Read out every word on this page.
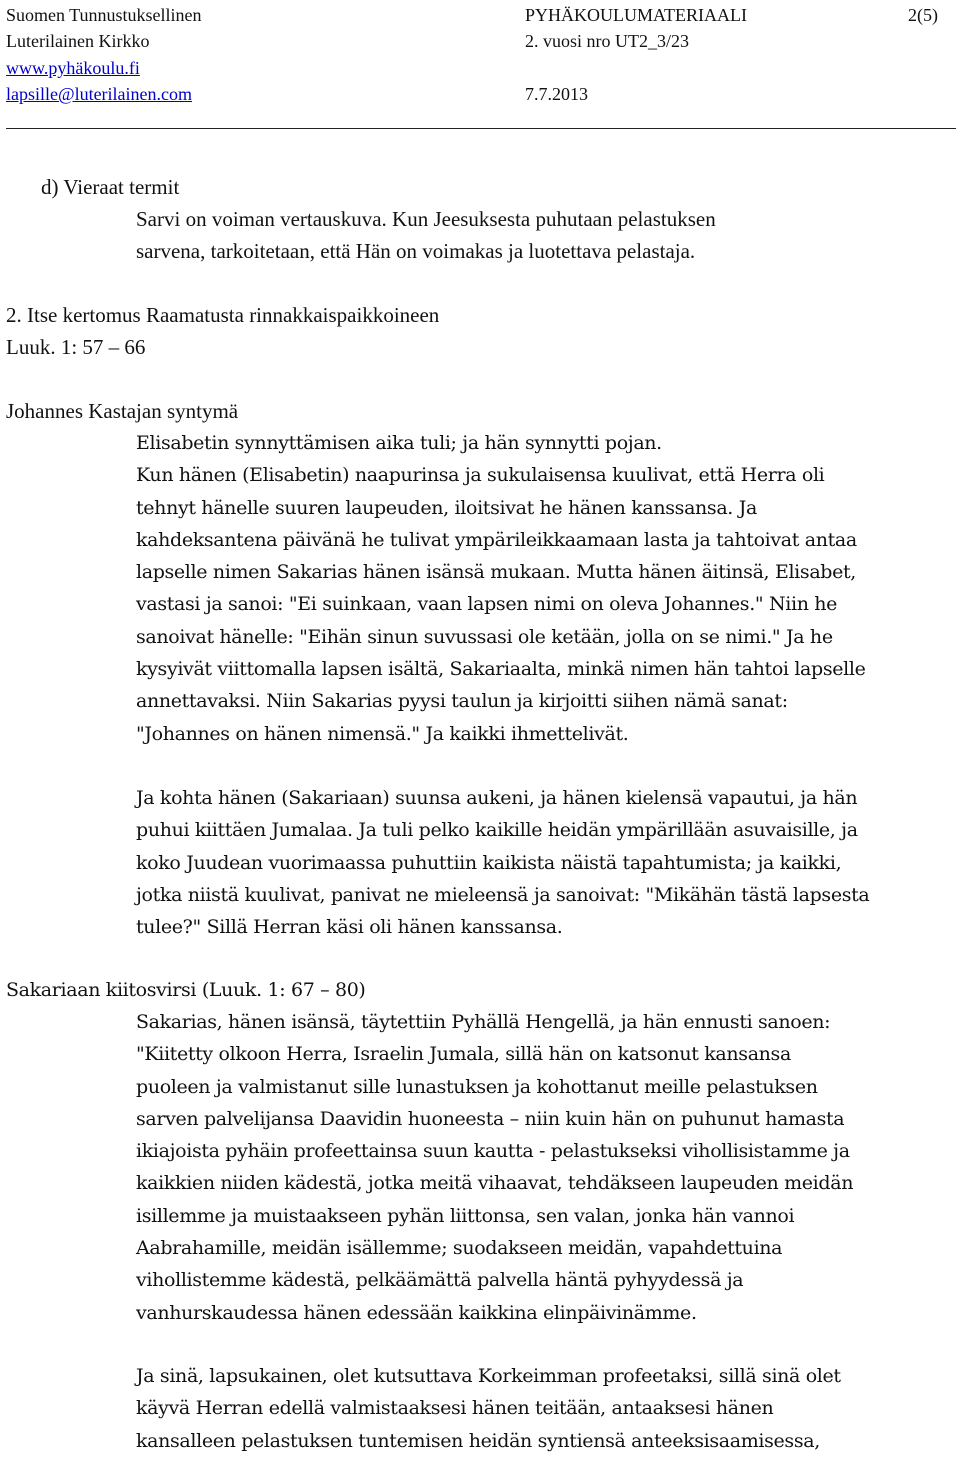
Suomen Tunnustuksellinen
Luterilainen Kirkko
www.pyhäkoulu.fi
lapsille@luterilainen.com
PYHÄKOULUMATERIAALI
2. vuosi nro UT2_3/23
7.7.2013
2(5)
d) Vieraat termit
Sarvi on voiman vertauskuva. Kun Jeesuksesta puhutaan pelastuksen
sarvena, tarkoitetaan, että Hän on voimakas ja luotettava pelastaja.
2. Itse kertomus Raamatusta rinnakkaispaikkoineen
Luuk. 1: 57 – 66
Johannes Kastajan syntymä
Elisabetin synnyttämisen aika tuli; ja hän synnytti pojan.
Kun hänen (Elisabetin) naapurinsa ja sukulaisensa kuulivat, että Herra oli
tehnyt hänelle suuren laupeuden, iloitsivat he hänen kanssansa. Ja
kahdeksantena päivänä he tulivat ympärileikkaamaan lasta ja tahtoivat antaa
lapselle nimen Sakarias hänen isänsä mukaan. Mutta hänen äitinsä, Elisabet,
vastasi ja sanoi: "Ei suinkaan, vaan lapsen nimi on oleva Johannes." Niin he
sanoivat hänelle: "Eihän sinun suvussasi ole ketään, jolla on se nimi." Ja he
kysyivät viittomalla lapsen isältä, Sakariaalta, minkä nimen hän tahtoi lapselle
annettavaksi. Niin Sakarias pyysi taulun ja kirjoitti siihen nämä sanat:
"Johannes on hänen nimensä." Ja kaikki ihmettelivät.
Ja kohta hänen (Sakariaan) suunsa aukeni, ja hänen kielensä vapautui, ja hän
puhui kiittäen Jumalaa. Ja tuli pelko kaikille heidän ympärillään asuvaisille, ja
koko Juudean vuorimaassa puhuttiin kaikista näistä tapahtumista; ja kaikki,
jotka niistä kuulivat, panivat ne mieleensä ja sanoivat: "Mikähän tästä lapsesta
tulee?" Sillä Herran käsi oli hänen kanssansa.
Sakariaan kiitosvirsi (Luuk. 1: 67 – 80)
Sakarias, hänen isänsä, täytettiin Pyhällä Hengellä, ja hän ennusti sanoen:
"Kiitetty olkoon Herra, Israelin Jumala, sillä hän on katsonut kansansa
puoleen ja valmistanut sille lunastuksen ja kohottanut meille pelastuksen
sarven palvelijansa Daavidin huoneesta – niin kuin hän on puhunut hamasta
ikiajoista pyhäin profeettainsa suun kautta - pelastukseksi vihollisistamme ja
kaikkien niiden kädestä, jotka meitä vihaavat, tehdäkseen laupeuden meidän
isillemme ja muistaakseen pyhän liittonsa, sen valan, jonka hän vannoi
Aabrahamille, meidän isällemme; suodakseen meidän, vapahdettuina
vihollistemme kädestä, pelkäämättä palvella häntä pyhyydessä ja
vanhurskaudessa hänen edessään kaikkina elinpäivinämme.
Ja sinä, lapsukainen, olet kutsuttava Korkeimman profeetaksi, sillä sinä olet
käyvä Herran edellä valmistaaksesi hänen teitään, antaaksesi hänen
kansalleen pelastuksen tuntemisen heidän syntiensä anteeksisaamisessa,
